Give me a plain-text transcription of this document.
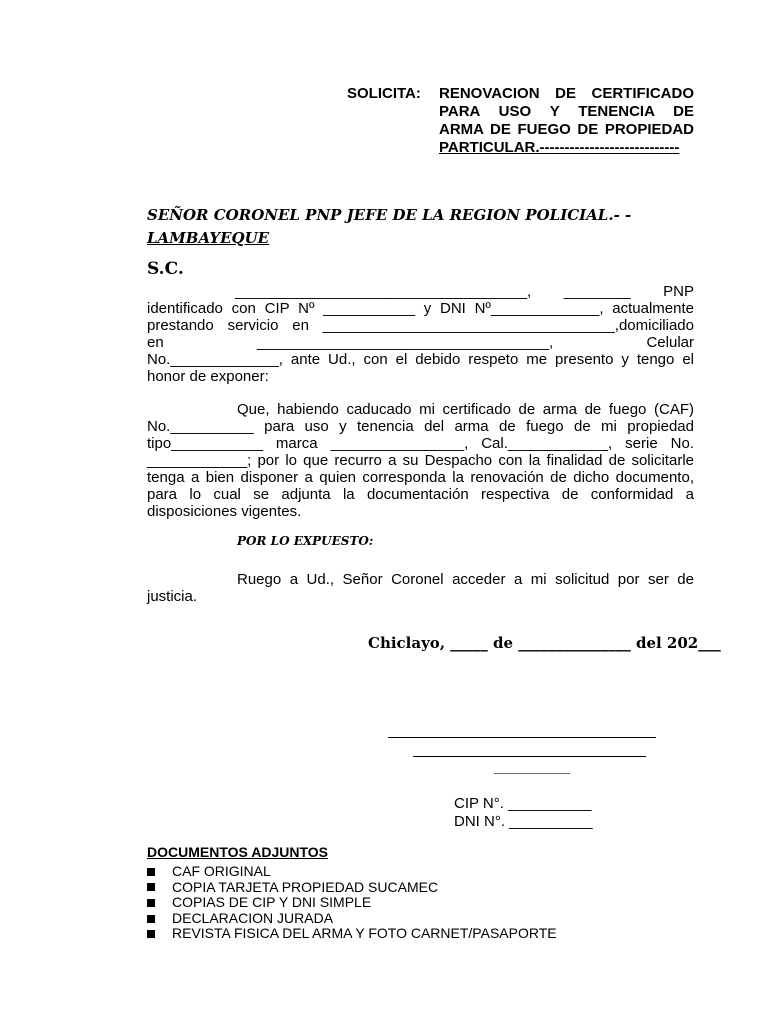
SOLICITA:	RENOVACION DE CERTIFICADO
PARA USO Y TENENCIA DE
ARMA DE FUEGO DE PROPIEDAD
PARTICULAR.----------------------------
SEÑOR CORONEL PNP JEFE DE LA REGION POLICIAL.- -
LAMBAYEQUE
S.C.
___________________________________, ________ PNP
identificado con CIP Nº ___________ y DNI Nº_____________, actualmente
prestando servicio en ___________________________________,domiciliado
en	___________________________________,	Celular
No._____________, ante Ud., con el debido respeto me presento y tengo el
honor de exponer:
Que, habiendo caducado mi certificado de arma de fuego (CAF)
No.__________ para uso y tenencia del arma de fuego de mi propiedad
tipo___________ marca ________________, Cal.____________, serie No.
____________; por lo que recurro a su Despacho con la finalidad de solicitarle
tenga a bien disponer a quien corresponda la renovación de dicho documento,
para lo cual se adjunta la documentación respectiva de conformidad a
disposiciones vigentes.
POR LO EXPUESTO:
Ruego a Ud., Señor Coronel acceder a mi solicitud por ser de
justicia.
Chiclayo, _____ de _______________ del 202___
CIP N°. __________
DNI N°. __________
DOCUMENTOS ADJUNTOS
CAF ORIGINAL
COPIA TARJETA PROPIEDAD SUCAMEC
COPIAS DE CIP Y DNI SIMPLE
DECLARACION JURADA
REVISTA FISICA DEL ARMA Y FOTO CARNET/PASAPORTE
